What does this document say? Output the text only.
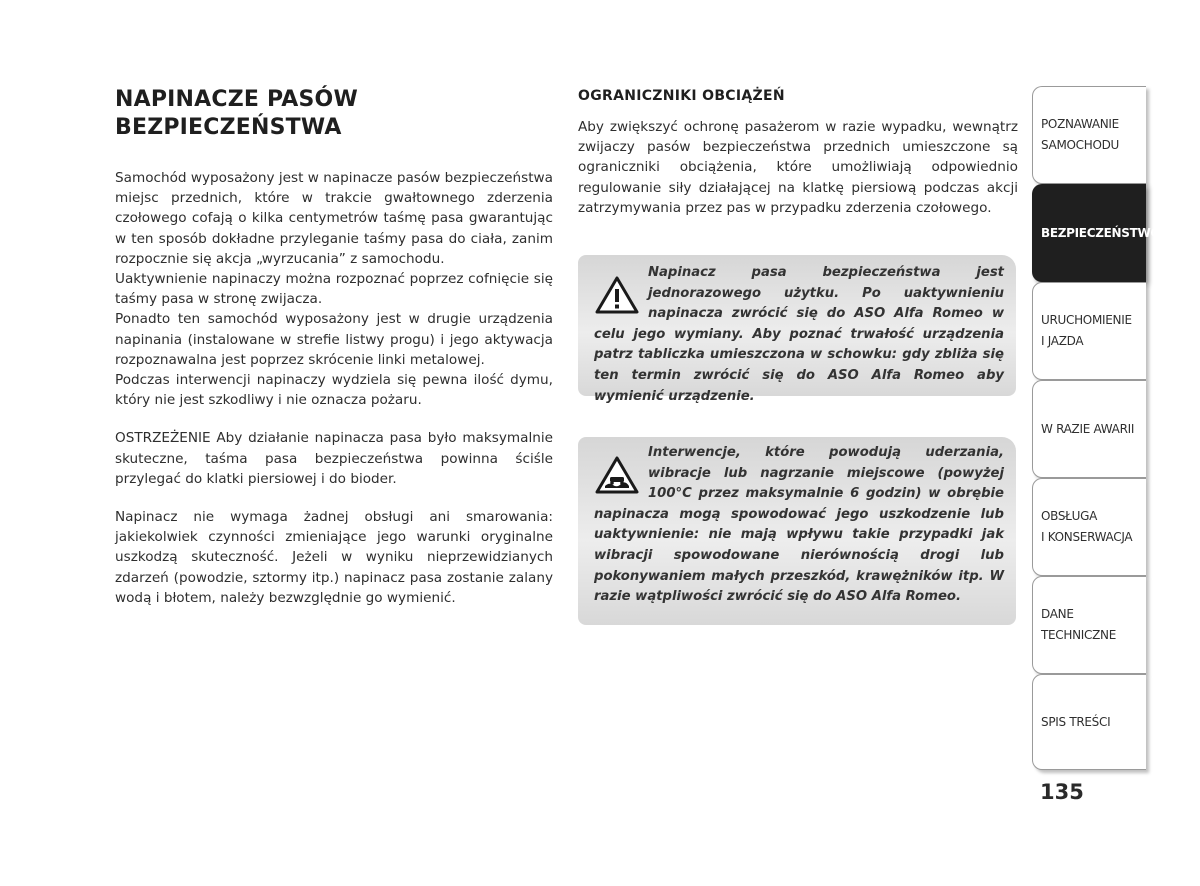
NAPINACZE PASÓW
BEZPIECZEŃSTWA

Samochód wyposażony jest w napinacze pasów bezpieczeństwa miejsc przednich, które w trakcie gwałtownego zderzenia czołowego cofają o kilka centymetrów taśmę pasa gwarantując w ten sposób dokładne przyleganie taśmy pasa do ciała, zanim rozpocznie się akcja „wyrzucania” z samochodu.

Uaktywnienie napinaczy można rozpoznać poprzez cofnięcie się taśmy pasa w stronę zwijacza.

Ponadto ten samochód wyposażony jest w drugie urządzenia napinania (instalowane w strefie listwy progu) i jego aktywacja rozpoznawalna jest poprzez skrócenie linki metalowej.

Podczas interwencji napinaczy wydziela się pewna ilość dymu, który nie jest szkodliwy i nie oznacza pożaru.

OSTRZEŻENIE Aby działanie napinacza pasa było maksymalnie skuteczne, taśma pasa bezpieczeństwa powinna ściśle przylegać do klatki piersiowej i do bioder.

Napinacz nie wymaga żadnej obsługi ani smarowania: jakiekolwiek czynności zmieniające jego warunki oryginalne uszkodzą skuteczność. Jeżeli w wyniku nieprzewidzianych zdarzeń (powodzie, sztormy itp.) napinacz pasa zostanie zalany wodą i błotem, należy bezwzględnie go wymienić.

OGRANICZNIKI OBCIĄŻEŃ

Aby zwiększyć ochronę pasażerom w razie wypadku, wewnątrz zwijaczy pasów bezpieczeństwa przednich umieszczone są ograniczniki obciążenia, które umożliwiają odpowiednio regulowanie siły działającej na klatkę piersiową podczas akcji zatrzymywania przez pas w przypadku zderzenia czołowego.

Napinacz pasa bezpieczeństwa jest jednorazowego użytku. Po uaktywnieniu napinacza zwrócić się do ASO Alfa Romeo w celu jego wymiany. Aby poznać trwałość urządzenia patrz tabliczka umieszczona w schowku: gdy zbliża się ten termin zwrócić się do ASO Alfa Romeo aby wymienić urządzenie.

Interwencje, które powodują uderzania, wibracje lub nagrzanie miejscowe (powyżej 100°C przez maksymalnie 6 godzin) w obrębie napinacza mogą spowodować jego uszkodzenie lub uaktywnienie: nie mają wpływu takie przypadki jak wibracji spowodowane nierównością drogi lub pokonywaniem małych przeszkód, krawężników itp. W razie wątpliwości zwrócić się do ASO Alfa Romeo.

POZNAWANIE
SAMOCHODU
BEZPIECZEŃSTWO
URUCHOMIENIE
I JAZDA
W RAZIE AWARII
OBSŁUGA
I KONSERWACJA
DANE
TECHNICZNE
SPIS TREŚCI
135
